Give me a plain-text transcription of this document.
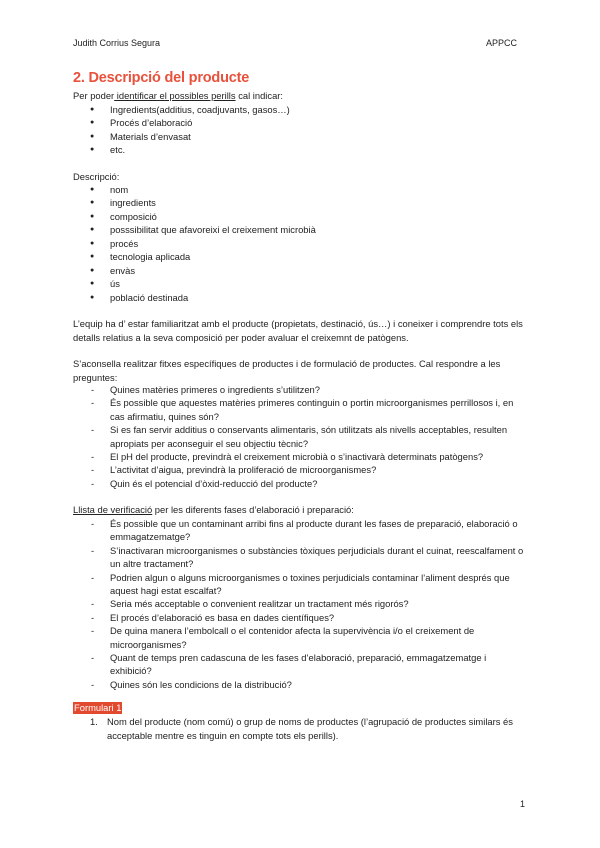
Judith Corrius Segura	APPCC
2. Descripció del producte
Per poder identificar el possibles perills cal indicar:
● Ingredients(additius, coadjuvants, gasos…)
● Procés d’elaboració
● Materials d’envasat
● etc.
Descripció:
● nom
● ingredients
● composició
● posssibilitat que afavoreixi el creixement microbià
● procés
● tecnologia aplicada
● envàs
● ús
● població destinada
L’equip ha d’ estar familiaritzat amb el producte (propietats, destinació, ús…) i coneixer i comprendre tots els detalls relatius a la seva composició per poder avaluar el creixemnt de patògens.
S’aconsella realitzar fitxes específiques de productes i de formulació de productes. Cal respondre a les preguntes:
- Quines matèries primeres o ingredients s’utilitzen?
- És possible que aquestes matèries primeres continguin o portin microorganismes perrillosos i, en cas afirmatiu, quines són?
- Si es fan servir additius o conservants alimentaris, són utilitzats als nivells acceptables, resulten apropiats per aconseguir el seu objectiu tècnic?
- El pH del producte, previndrà el creixement microbià o s’inactivarà determinats patògens?
- L’activitat d’aigua, previndrà la proliferació de microorganismes?
- Quin és el potencial d’òxid-reducció del producte?
Llista de verificació per les diferents fases d’elaboració i preparació:
- És possible que un contaminant arribi fins al producte durant les fases de preparació, elaboració o emmagatzematge?
- S’inactivaran microorganismes o substàncies tòxiques perjudicials durant el cuinat, reescalfament o un altre tractament?
- Podrien algun o alguns microorganismes o toxines perjudicials contaminar l’aliment després que aquest hagi estat escalfat?
- Seria més acceptable o convenient realitzar un tractament més rigorós?
- El procés d’elaboració es basa en dades científiques?
- De quina manera l’embolcall o el contenidor afecta la supervivència i/o el creixement de microorganismes?
- Quant de temps pren cadascuna de les fases d’elaboració, preparació, emmagatzematge i exhibició?
- Quines són les condicions de la distribució?
Formulari 1
1. Nom del producte (nom comú) o grup de noms de productes (l’agrupació de productes similars és acceptable mentre es tinguin en compte tots els perills).
1
